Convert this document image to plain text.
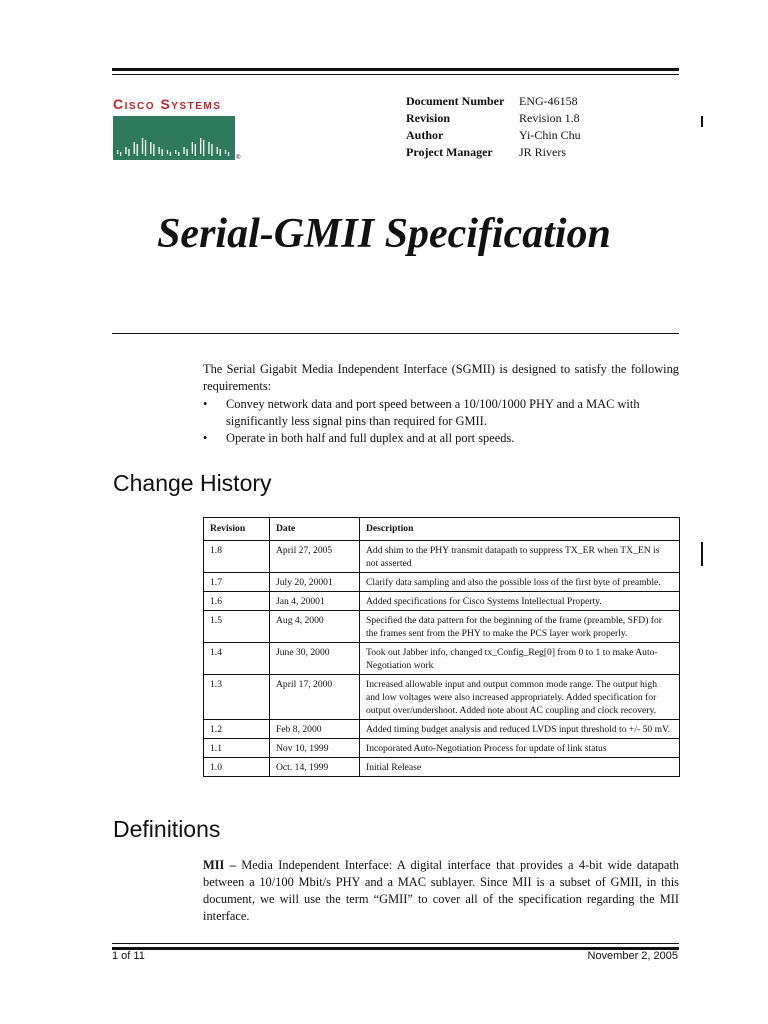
Cisco Systems
®
Document Number	ENG-46158
Revision	Revision 1.8
Author	Yi-Chin Chu
Project Manager	JR Rivers
Serial-GMII Specification

The Serial Gigabit Media Independent Interface (SGMII) is designed to satisfy the following requirements:

• Convey network data and port speed between a 10/100/1000 PHY and a MAC with significantly less signal pins than required for GMII.
• Operate in both half and full duplex and at all port speeds.
Change History
Revision	Date	Description
1.8	April 27, 2005	Add shim to the PHY transmit datapath to suppress TX_ER when TX_EN is not asserted
1.7	July 20, 20001	Clarify data sampling and also the possible loss of the first byte of preamble.
1.6	Jan 4, 20001	Added specifications for Cisco Systems Intellectual Property.
1.5	Aug 4, 2000	Specified the data pattern for the beginning of the frame (preamble, SFD) for the frames sent from the PHY to make the PCS layer work properly.
1.4	June 30, 2000	Took out Jabber info, changed tx_Config_Reg[0] from 0 to 1 to make Auto-Negotiation work
1.3	April 17, 2000	Increased allowable input and output common mode range. The output high and low voltages were also increased appropriately. Added specification for output over/undershoot. Added note about AC coupling and clock recovery.
1.2	Feb 8, 2000	Added timing budget analysis and reduced LVDS input threshold to +/- 50 mV.
1.1	Nov 10, 1999	Incoporated Auto-Negotiation Process for update of link status
1.0	Oct. 14, 1999	Initial Release
Definitions
MII – Media Independent Interface: A digital interface that provides a 4-bit wide datapath between a 10/100 Mbit/s PHY and a MAC sublayer. Since MII is a subset of GMII, in this document, we will use the term “GMII” to cover all of the specification regarding the MII interface.
1 of 11	November 2, 2005
